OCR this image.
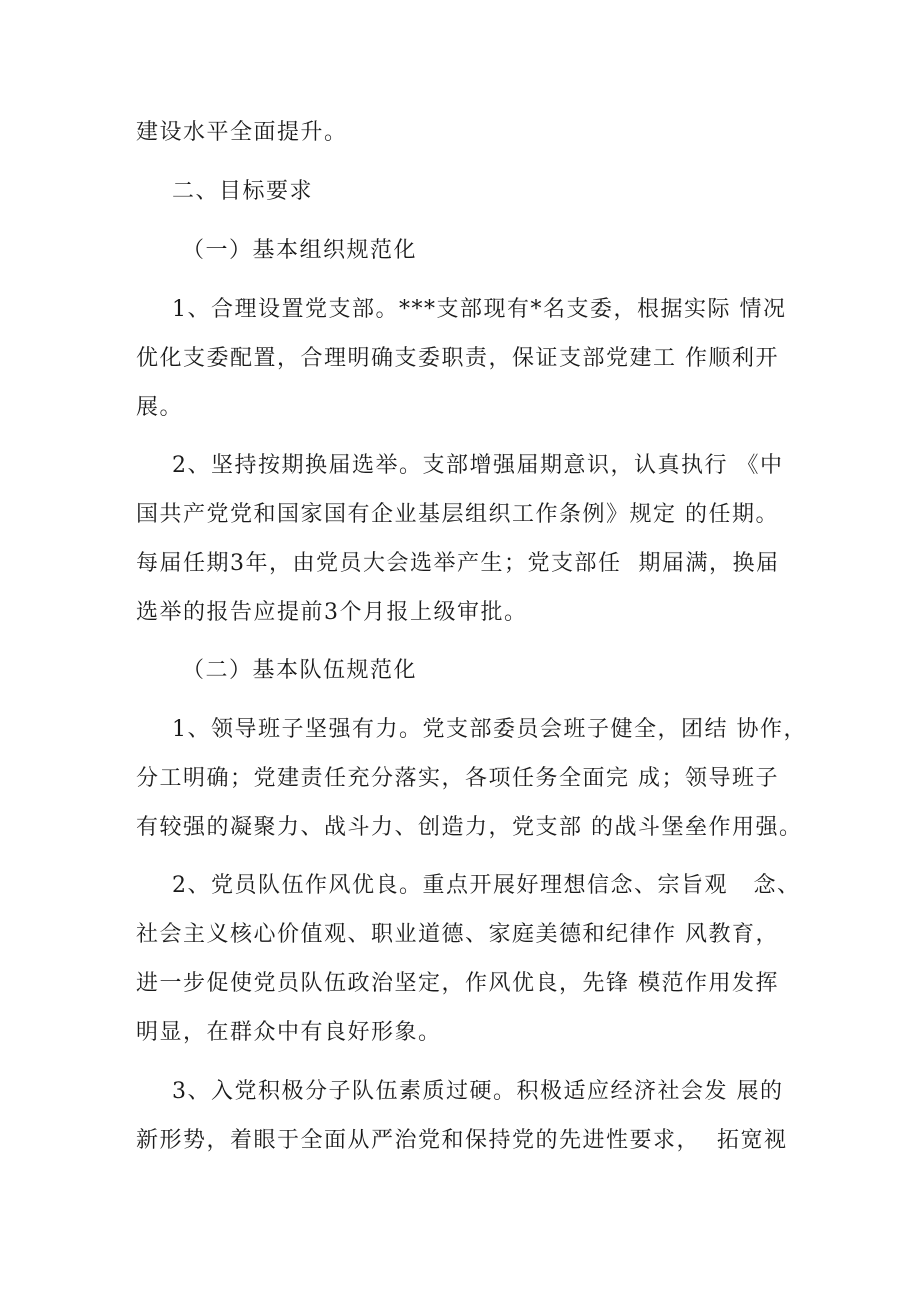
建设水平全面提升。
二、目标要求
（一）基本组织规范化
1、合理设置党支部。***支部现有*名支委，根据实际 情况
优化支委配置，合理明确支委职责，保证支部党建工 作顺利开
展。
2、坚持按期换届选举。支部增强届期意识，认真执行 《中
国共产党党和国家国有企业基层组织工作条例》规定 的任期。
每届任期3年，由党员大会选举产生；党支部任  期届满，换届
选举的报告应提前3个月报上级审批。
（二）基本队伍规范化
1、领导班子坚强有力。党支部委员会班子健全，团结 协作，
分工明确；党建责任充分落实，各项任务全面完 成；领导班子
有较强的凝聚力、战斗力、创造力，党支部 的战斗堡垒作用强。
2、党员队伍作风优良。重点开展好理想信念、宗旨观   念、
社会主义核心价值观、职业道德、家庭美德和纪律作 风教育，
进一步促使党员队伍政治坚定，作风优良，先锋 模范作用发挥
明显，在群众中有良好形象。
3、入党积极分子队伍素质过硬。积极适应经济社会发 展的
新形势，着眼于全面从严治党和保持党的先进性要求，  拓宽视
